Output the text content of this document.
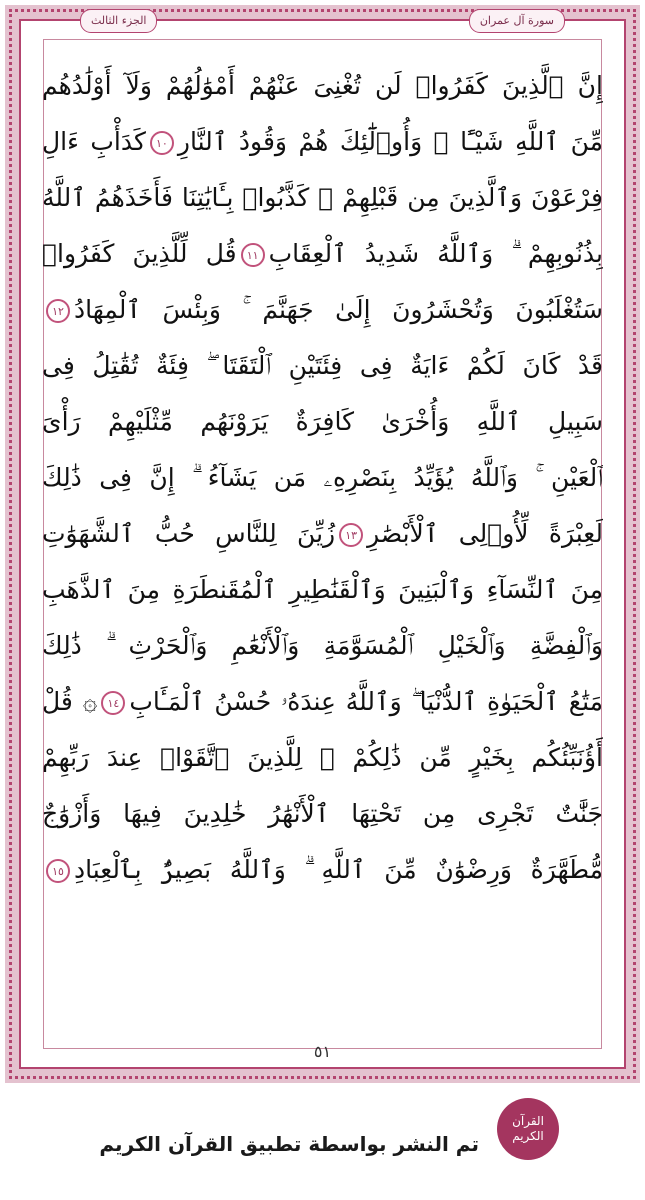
الجزء الثالث	سورة آل عمران
إِنَّ ٱلَّذِينَ كَفَرُوا۟ لَن تُغْنِىَ عَنْهُمْ أَمْوَٰلُهُمْ وَلَآ أَوْلَٰدُهُم
مِّنَ ٱللَّهِ شَيْـًٔا ۖ وَأُو۟لَٰٓئِكَ هُمْ وَقُودُ ٱلنَّارِ١٠كَدَأْبِ ءَالِ
فِرْعَوْنَ وَٱلَّذِينَ مِن قَبْلِهِمْ ۚ كَذَّبُوا۟ بِـَٔايَٰتِنَا فَأَخَذَهُمُ ٱللَّهُ
بِذُنُوبِهِمْ ۗ وَٱللَّهُ شَدِيدُ ٱلْعِقَابِ١١قُل لِّلَّذِينَ كَفَرُوا۟
سَتُغْلَبُونَ وَتُحْشَرُونَ إِلَىٰ جَهَنَّمَ ۚ وَبِئْسَ ٱلْمِهَادُ١٢
قَدْ كَانَ لَكُمْ ءَايَةٌ فِى فِئَتَيْنِ ٱلْتَقَتَا ۖ فِئَةٌ تُقَٰتِلُ فِى
سَبِيلِ ٱللَّهِ وَأُخْرَىٰ كَافِرَةٌ يَرَوْنَهُم مِّثْلَيْهِمْ رَأْىَ
ٱلْعَيْنِ ۚ وَٱللَّهُ يُؤَيِّدُ بِنَصْرِهِۦ مَن يَشَآءُ ۗ إِنَّ فِى ذَٰلِكَ
لَعِبْرَةً لِّأُو۟لِى ٱلْأَبْصَٰرِ١٣زُيِّنَ لِلنَّاسِ حُبُّ ٱلشَّهَوَٰتِ
مِنَ ٱلنِّسَآءِ وَٱلْبَنِينَ وَٱلْقَنَٰطِيرِ ٱلْمُقَنطَرَةِ مِنَ ٱلذَّهَبِ
وَٱلْفِضَّةِ وَٱلْخَيْلِ ٱلْمُسَوَّمَةِ وَٱلْأَنْعَٰمِ وَٱلْحَرْثِ ۗ ذَٰلِكَ
مَتَٰعُ ٱلْحَيَوٰةِ ٱلدُّنْيَا ۖ وَٱللَّهُ عِندَهُۥ حُسْنُ ٱلْمَـَٔابِ١٤۞ قُلْ
أَؤُنَبِّئُكُم بِخَيْرٍ مِّن ذَٰلِكُمْ ۚ لِلَّذِينَ ٱتَّقَوْا۟ عِندَ رَبِّهِمْ
جَنَّٰتٌ تَجْرِى مِن تَحْتِهَا ٱلْأَنْهَٰرُ خَٰلِدِينَ فِيهَا وَأَزْوَٰجٌ
مُّطَهَّرَةٌ وَرِضْوَٰنٌ مِّنَ ٱللَّهِ ۗ وَٱللَّهُ بَصِيرٌۢ بِٱلْعِبَادِ١٥
٥١
تم النشر بواسطة تطبيق القرآن الكريم
القرآن
الكريم
